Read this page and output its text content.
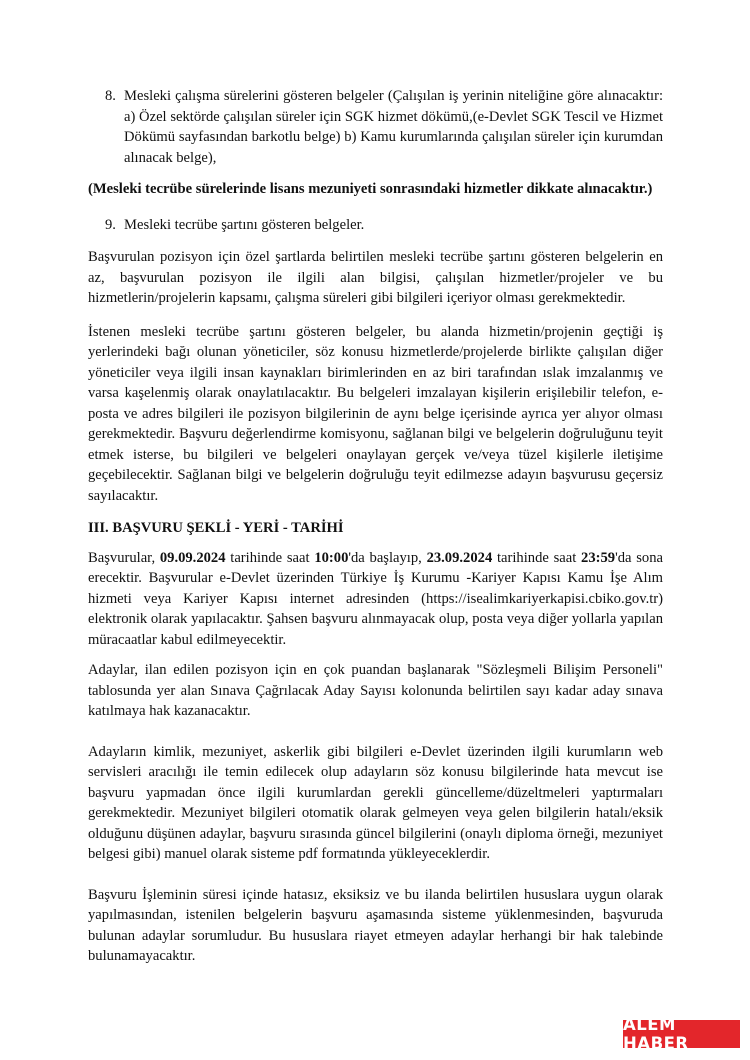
8. Mesleki çalışma sürelerini gösteren belgeler (Çalışılan iş yerinin niteliğine göre alınacaktır: a) Özel sektörde çalışılan süreler için SGK hizmet dökümü,(e-Devlet SGK Tescil ve Hizmet Dökümü sayfasından barkotlu belge) b) Kamu kurumlarında çalışılan süreler için kurumdan alınacak belge),

(Mesleki tecrübe sürelerinde lisans mezuniyeti sonrasındaki hizmetler dikkate alınacaktır.)

9. Mesleki tecrübe şartını gösteren belgeler.

Başvurulan pozisyon için özel şartlarda belirtilen mesleki tecrübe şartını gösteren belgelerin en az, başvurulan pozisyon ile ilgili alan bilgisi, çalışılan hizmetler/projeler ve bu hizmetlerin/projelerin kapsamı, çalışma süreleri gibi bilgileri içeriyor olması gerekmektedir.

İstenen mesleki tecrübe şartını gösteren belgeler, bu alanda hizmetin/projenin geçtiği iş yerlerindeki bağı olunan yöneticiler, söz konusu hizmetlerde/projelerde birlikte çalışılan diğer yöneticiler veya ilgili insan kaynakları birimlerinden en az biri tarafından ıslak imzalanmış ve varsa kaşelenmiş olarak onaylatılacaktır. Bu belgeleri imzalayan kişilerin erişilebilir telefon, e-posta ve adres bilgileri ile pozisyon bilgilerinin de aynı belge içerisinde ayrıca yer alıyor olması gerekmektedir. Başvuru değerlendirme komisyonu, sağlanan bilgi ve belgelerin doğruluğunu teyit etmek isterse, bu bilgileri ve belgeleri onaylayan gerçek ve/veya tüzel kişilerle iletişime geçebilecektir. Sağlanan bilgi ve belgelerin doğruluğu teyit edilmezse adayın başvurusu geçersiz sayılacaktır.

III. BAŞVURU ŞEKLİ - YERİ - TARİHİ

Başvurular, 09.09.2024 tarihinde saat 10:00'da başlayıp, 23.09.2024 tarihinde saat 23:59'da sona erecektir. Başvurular e-Devlet üzerinden Türkiye İş Kurumu -Kariyer Kapısı Kamu İşe Alım hizmeti veya Kariyer Kapısı internet adresinden (https://isealimkariyerkapisi.cbiko.gov.tr) elektronik olarak yapılacaktır. Şahsen başvuru alınmayacak olup, posta veya diğer yollarla yapılan müracaatlar kabul edilmeyecektir.

Adaylar, ilan edilen pozisyon için en çok puandan başlanarak "Sözleşmeli Bilişim Personeli" tablosunda yer alan Sınava Çağrılacak Aday Sayısı kolonunda belirtilen sayı kadar aday sınava katılmaya hak kazanacaktır.

Adayların kimlik, mezuniyet, askerlik gibi bilgileri e-Devlet üzerinden ilgili kurumların web servisleri aracılığı ile temin edilecek olup adayların söz konusu bilgilerinde hata mevcut ise başvuru yapmadan önce ilgili kurumlardan gerekli güncelleme/düzeltmeleri yaptırmaları gerekmektedir. Mezuniyet bilgileri otomatik olarak gelmeyen veya gelen bilgilerin hatalı/eksik olduğunu düşünen adaylar, başvuru sırasında güncel bilgilerini (onaylı diploma örneği, mezuniyet belgesi gibi) manuel olarak sisteme pdf formatında yükleyeceklerdir.

Başvuru İşleminin süresi içinde hatasız, eksiksiz ve bu ilanda belirtilen hususlara uygun olarak yapılmasından, istenilen belgelerin başvuru aşamasında sisteme yüklenmesinden, başvuruda bulunan adaylar sorumludur. Bu hususlara riayet etmeyen adaylar herhangi bir hak talebinde bulunamayacaktır.

ALEM HABER
